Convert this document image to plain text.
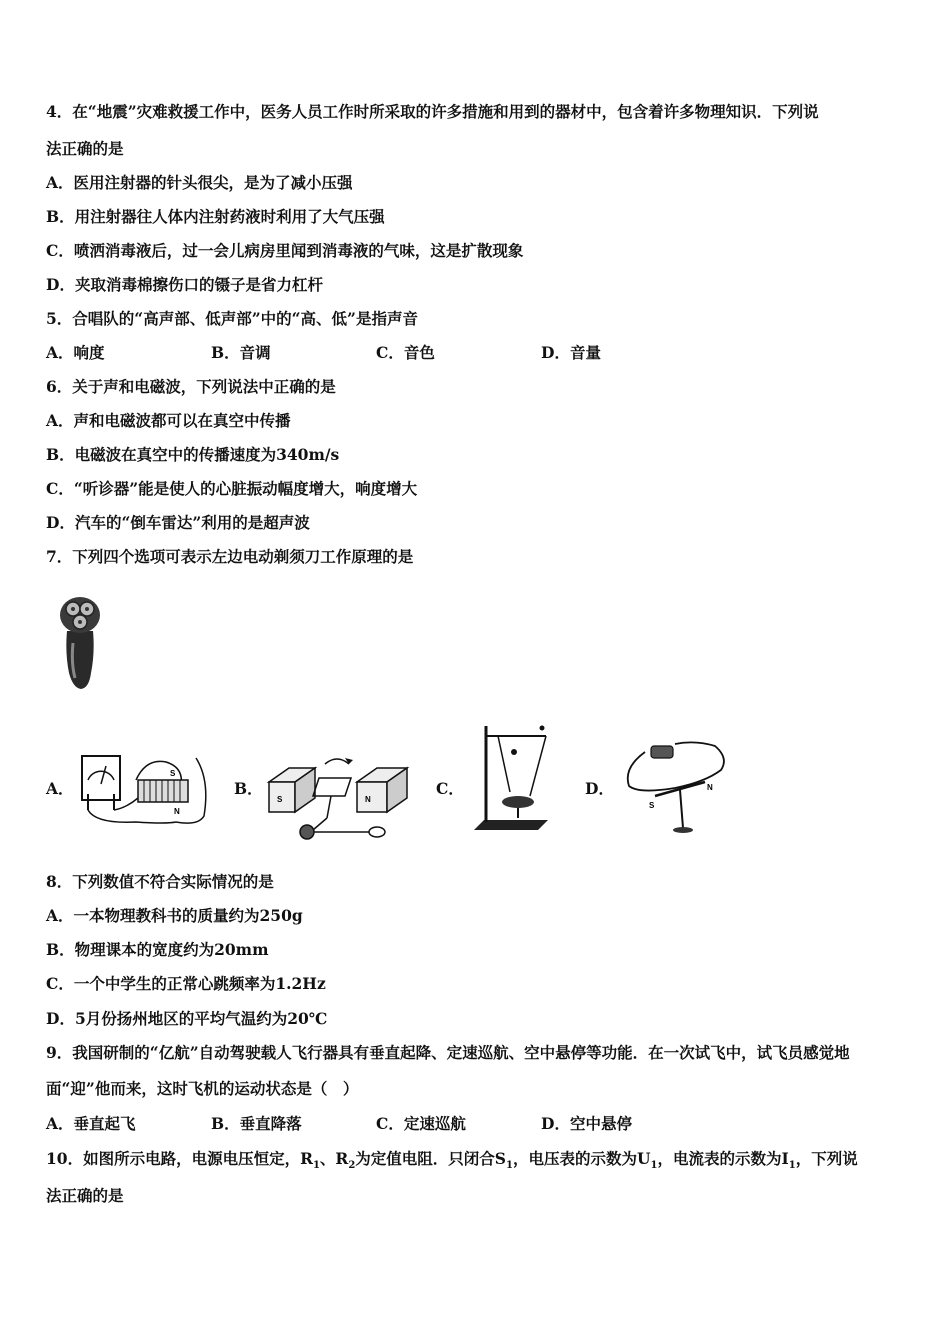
4．在“地震”灾难救援工作中，医务人员工作时所采取的许多措施和用到的器材中，包含着许多物理知识．下列说
法正确的是
A．医用注射器的针头很尖，是为了减小压强
B．用注射器往人体内注射药液时利用了大气压强
C．喷洒消毒液后，过一会儿病房里闻到消毒液的气味，这是扩散现象
D．夹取消毒棉擦伤口的镊子是省力杠杆
5．合唱队的“高声部、低声部”中的“高、低”是指声音
A．响度	B．音调	C．音色	D．音量
6．关于声和电磁波，下列说法中正确的是
A．声和电磁波都可以在真空中传播
B．电磁波在真空中的传播速度为340m/s
C．“听诊器”能是使人的心脏振动幅度增大，响度增大
D．汽车的“倒车雷达”利用的是超声波
7．下列四个选项可表示左边电动剃须刀工作原理的是
A．	B．	C．	D．
S
N
S	N
S
N
8．下列数值不符合实际情况的是
A．一本物理教科书的质量约为250g
B．物理课本的宽度约为20mm
C．一个中学生的正常心跳频率为1.2Hz
D．5月份扬州地区的平均气温约为20℃
9．我国研制的“亿航”自动驾驶载人飞行器具有垂直起降、定速巡航、空中悬停等功能．在一次试飞中，试飞员感觉地
面“迎”他而来，这时飞机的运动状态是（　）
A．垂直起飞	B．垂直降落	C．定速巡航	D．空中悬停
10．如图所示电路，电源电压恒定，$R_1$、$R_2$为定值电阻．只闭合$S_1$，电压表的示数为$U_1$，电流表的示数为$I_1$，下列说
法正确的是
